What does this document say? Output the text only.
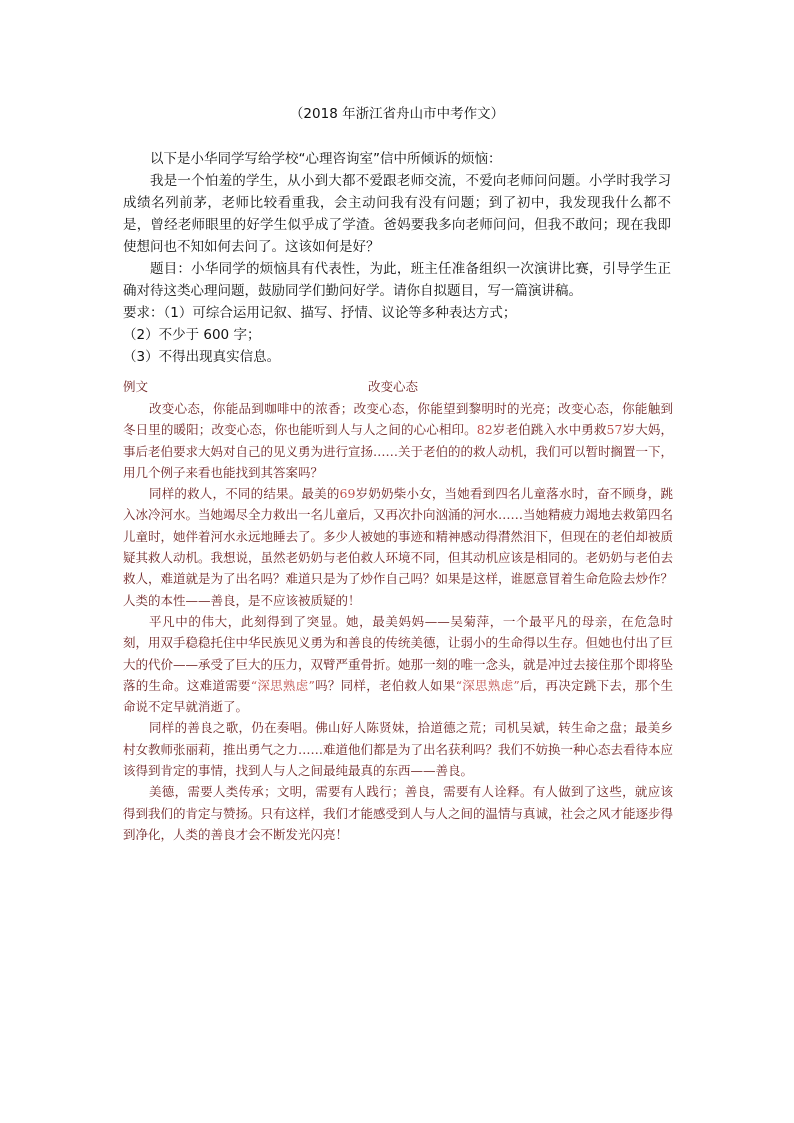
（2018 年浙江省舟山市中考作文）

以下是小华同学写给学校“心理咨询室”信中所倾诉的烦恼：

我是一个怕羞的学生，从小到大都不爱跟老师交流，不爱向老师问问题。小学时我学习成绩名列前茅，老师比较看重我，会主动问我有没有问题；到了初中，我发现我什么都不是，曾经老师眼里的好学生似乎成了学渣。爸妈要我多向老师问问，但我不敢问；现在我即使想问也不知如何去问了。这该如何是好？

题目：小华同学的烦恼具有代表性，为此，班主任准备组织一次演讲比赛，引导学生正确对待这类心理问题，鼓励同学们勤问好学。请你自拟题目，写一篇演讲稿。

要求：（1）可综合运用记叙、描写、抒情、议论等多种表达方式；

（2）不少于 600 字；

（3）不得出现真实信息。

例文	改变心态

改变心态，你能品到咖啡中的浓香；改变心态，你能望到黎明时的光亮；改变心态，你能触到冬日里的暖阳；改变心态，你也能听到人与人之间的心心相印。82岁老伯跳入水中勇救57岁大妈，事后老伯要求大妈对自己的见义勇为进行宣扬……关于老伯的的救人动机，我们可以暂时搁置一下，用几个例子来看也能找到其答案吗？

同样的救人，不同的结果。最美的69岁奶奶柴小女，当她看到四名儿童落水时，奋不顾身，跳入冰冷河水。当她竭尽全力救出一名儿童后，又再次扑向汹涌的河水……当她精疲力竭地去救第四名儿童时，她伴着河水永远地睡去了。多少人被她的事迹和精神感动得潸然泪下，但现在的老伯却被质疑其救人动机。我想说，虽然老奶奶与老伯救人环境不同，但其动机应该是相同的。老奶奶与老伯去救人，难道就是为了出名吗？难道只是为了炒作自己吗？如果是这样，谁愿意冒着生命危险去炒作？人类的本性——善良，是不应该被质疑的！

平凡中的伟大，此刻得到了突显。她，最美妈妈——吴菊萍，一个最平凡的母亲，在危急时刻，用双手稳稳托住中华民族见义勇为和善良的传统美德，让弱小的生命得以生存。但她也付出了巨大的代价——承受了巨大的压力，双臂严重骨折。她那一刻的唯一念头，就是冲过去接住那个即将坠落的生命。这难道需要“深思熟虑”吗？同样，老伯救人如果“深思熟虑”后，再决定跳下去，那个生命说不定早就消逝了。

同样的善良之歌，仍在奏唱。佛山好人陈贤妹，拾道德之荒；司机吴斌，转生命之盘；最美乡村女教师张丽莉，推出勇气之力……难道他们都是为了出名获利吗？我们不妨换一种心态去看待本应该得到肯定的事情，找到人与人之间最纯最真的东西——善良。

美德，需要人类传承；文明，需要有人践行；善良，需要有人诠释。有人做到了这些，就应该得到我们的肯定与赞扬。只有这样，我们才能感受到人与人之间的温情与真诚，社会之风才能逐步得到净化，人类的善良才会不断发光闪亮！
